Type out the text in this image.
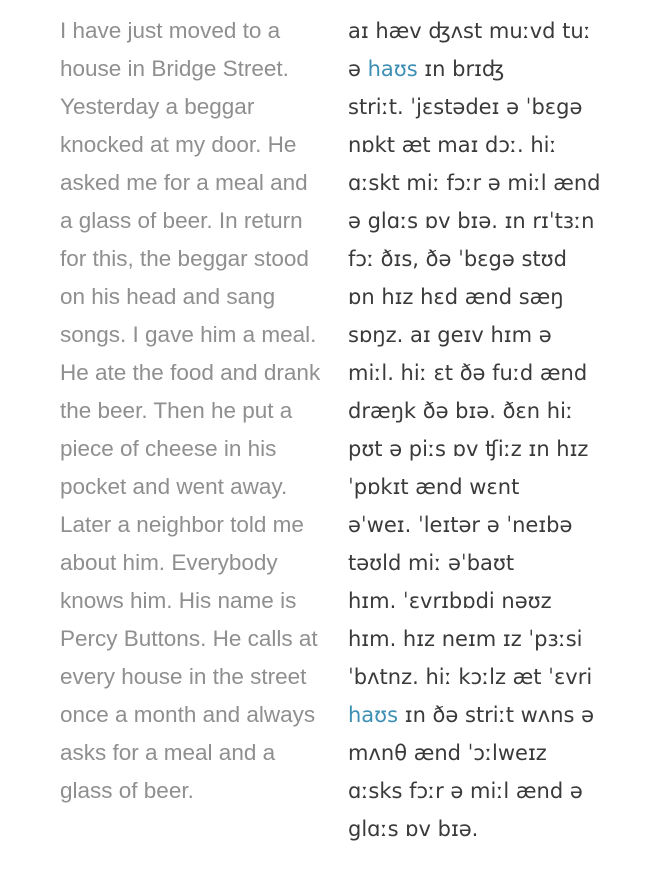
I have just moved to a
house in Bridge Street.
Yesterday a beggar
knocked at my door. He
asked me for a meal and
a glass of beer. In return
for this, the beggar stood
on his head and sang
songs. I gave him a meal.
He ate the food and drank
the beer. Then he put a
piece of cheese in his
pocket and went away.
Later a neighbor told me
about him. Everybody
knows him. His name is
Percy Buttons. He calls at
every house in the street
once a month and always
asks for a meal and a
glass of beer.
aɪ hæv ʤʌst muːvd tuː
ə haʊs ɪn brɪʤ
striːt. ˈjɛstədeɪ ə ˈbɛgə
nɒkt æt maɪ dɔː. hiː
ɑːskt miː fɔːr ə miːl ænd
ə glɑːs ɒv bɪə. ɪn rɪˈtɜːn
fɔː ðɪs, ðə ˈbɛgə stʊd
ɒn hɪz hɛd ænd sæŋ
sɒŋz. aɪ geɪv hɪm ə
miːl. hiː ɛt ðə fuːd ænd
dræŋk ðə bɪə. ðɛn hiː
pʊt ə piːs ɒv ʧiːz ɪn hɪz
ˈpɒkɪt ænd wɛnt
əˈweɪ. ˈleɪtər ə ˈneɪbə
təʊld miː əˈbaʊt
hɪm. ˈɛvrɪbɒdi nəʊz
hɪm. hɪz neɪm ɪz ˈpɜːsi
ˈbʌtnz. hiː kɔːlz æt ˈɛvri
haʊs ɪn ðə striːt wʌns ə
mʌnθ ænd ˈɔːlweɪz
ɑːsks fɔːr ə miːl ænd ə
glɑːs ɒv bɪə.
